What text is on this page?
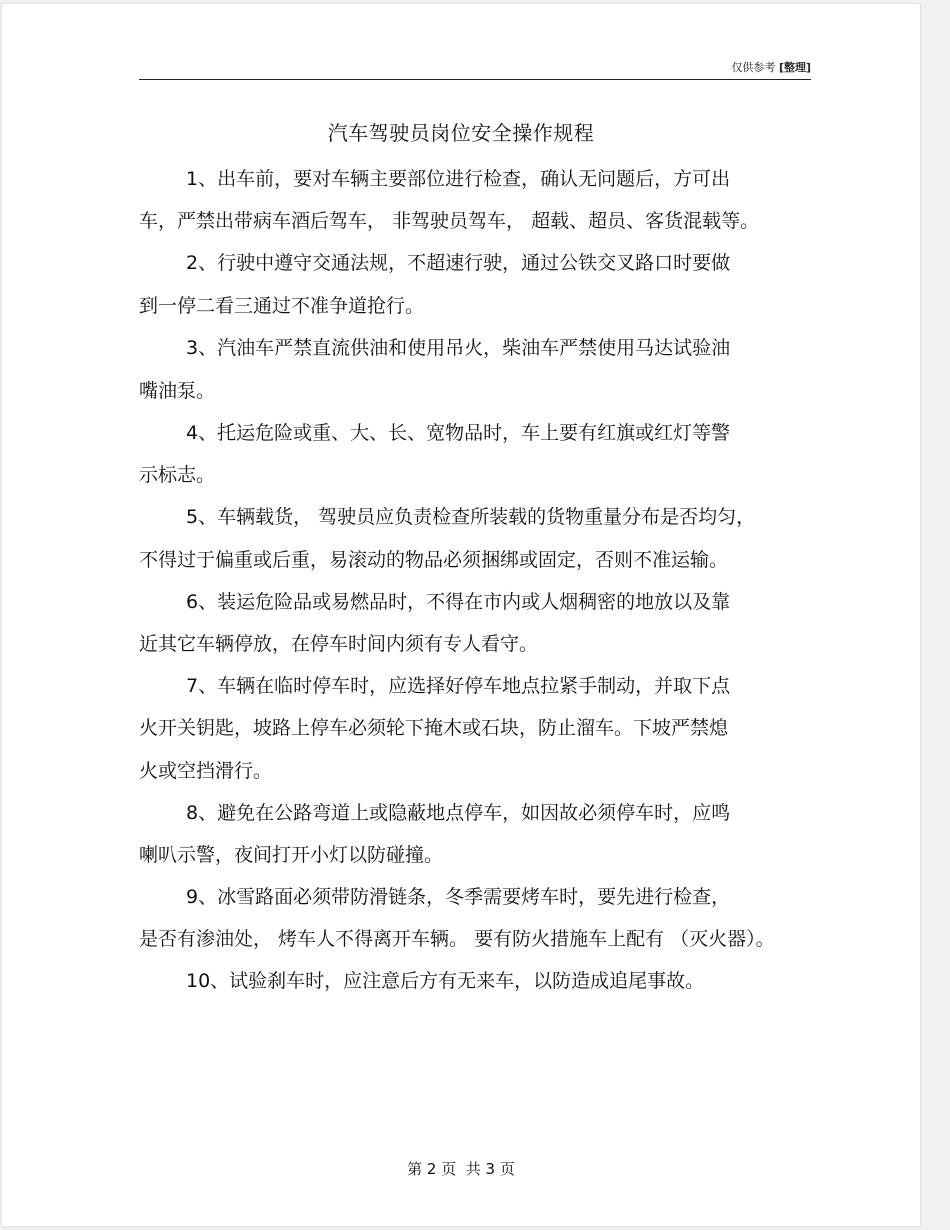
仅供参考 [整理]
汽车驾驶员岗位安全操作规程
1、出车前，要对车辆主要部位进行检查，确认无问题后，方可出
车，严禁出带病车酒后驾车， 非驾驶员驾车， 超载、超员、客货混载等。
2、行驶中遵守交通法规，不超速行驶，通过公铁交叉路口时要做
到一停二看三通过不准争道抢行。
3、汽油车严禁直流供油和使用吊火，柴油车严禁使用马达试验油
嘴油泵。
4、托运危险或重、大、长、宽物品时，车上要有红旗或红灯等警
示标志。
5、车辆载货， 驾驶员应负责检查所装载的货物重量分布是否均匀，
不得过于偏重或后重，易滚动的物品必须捆绑或固定，否则不准运输。
6、装运危险品或易燃品时，不得在市内或人烟稠密的地放以及靠
近其它车辆停放，在停车时间内须有专人看守。
7、车辆在临时停车时，应选择好停车地点拉紧手制动，并取下点
火开关钥匙，坡路上停车必须轮下掩木或石块，防止溜车。下坡严禁熄
火或空挡滑行。
8、避免在公路弯道上或隐蔽地点停车，如因故必须停车时，应鸣
喇叭示警，夜间打开小灯以防碰撞。
9、冰雪路面必须带防滑链条，冬季需要烤车时，要先进行检查，
是否有渗油处， 烤车人不得离开车辆。 要有防火措施车上配有 （灭火器）。
10、试验刹车时，应注意后方有无来车，以防造成追尾事故。
第 2 页  共 3 页
